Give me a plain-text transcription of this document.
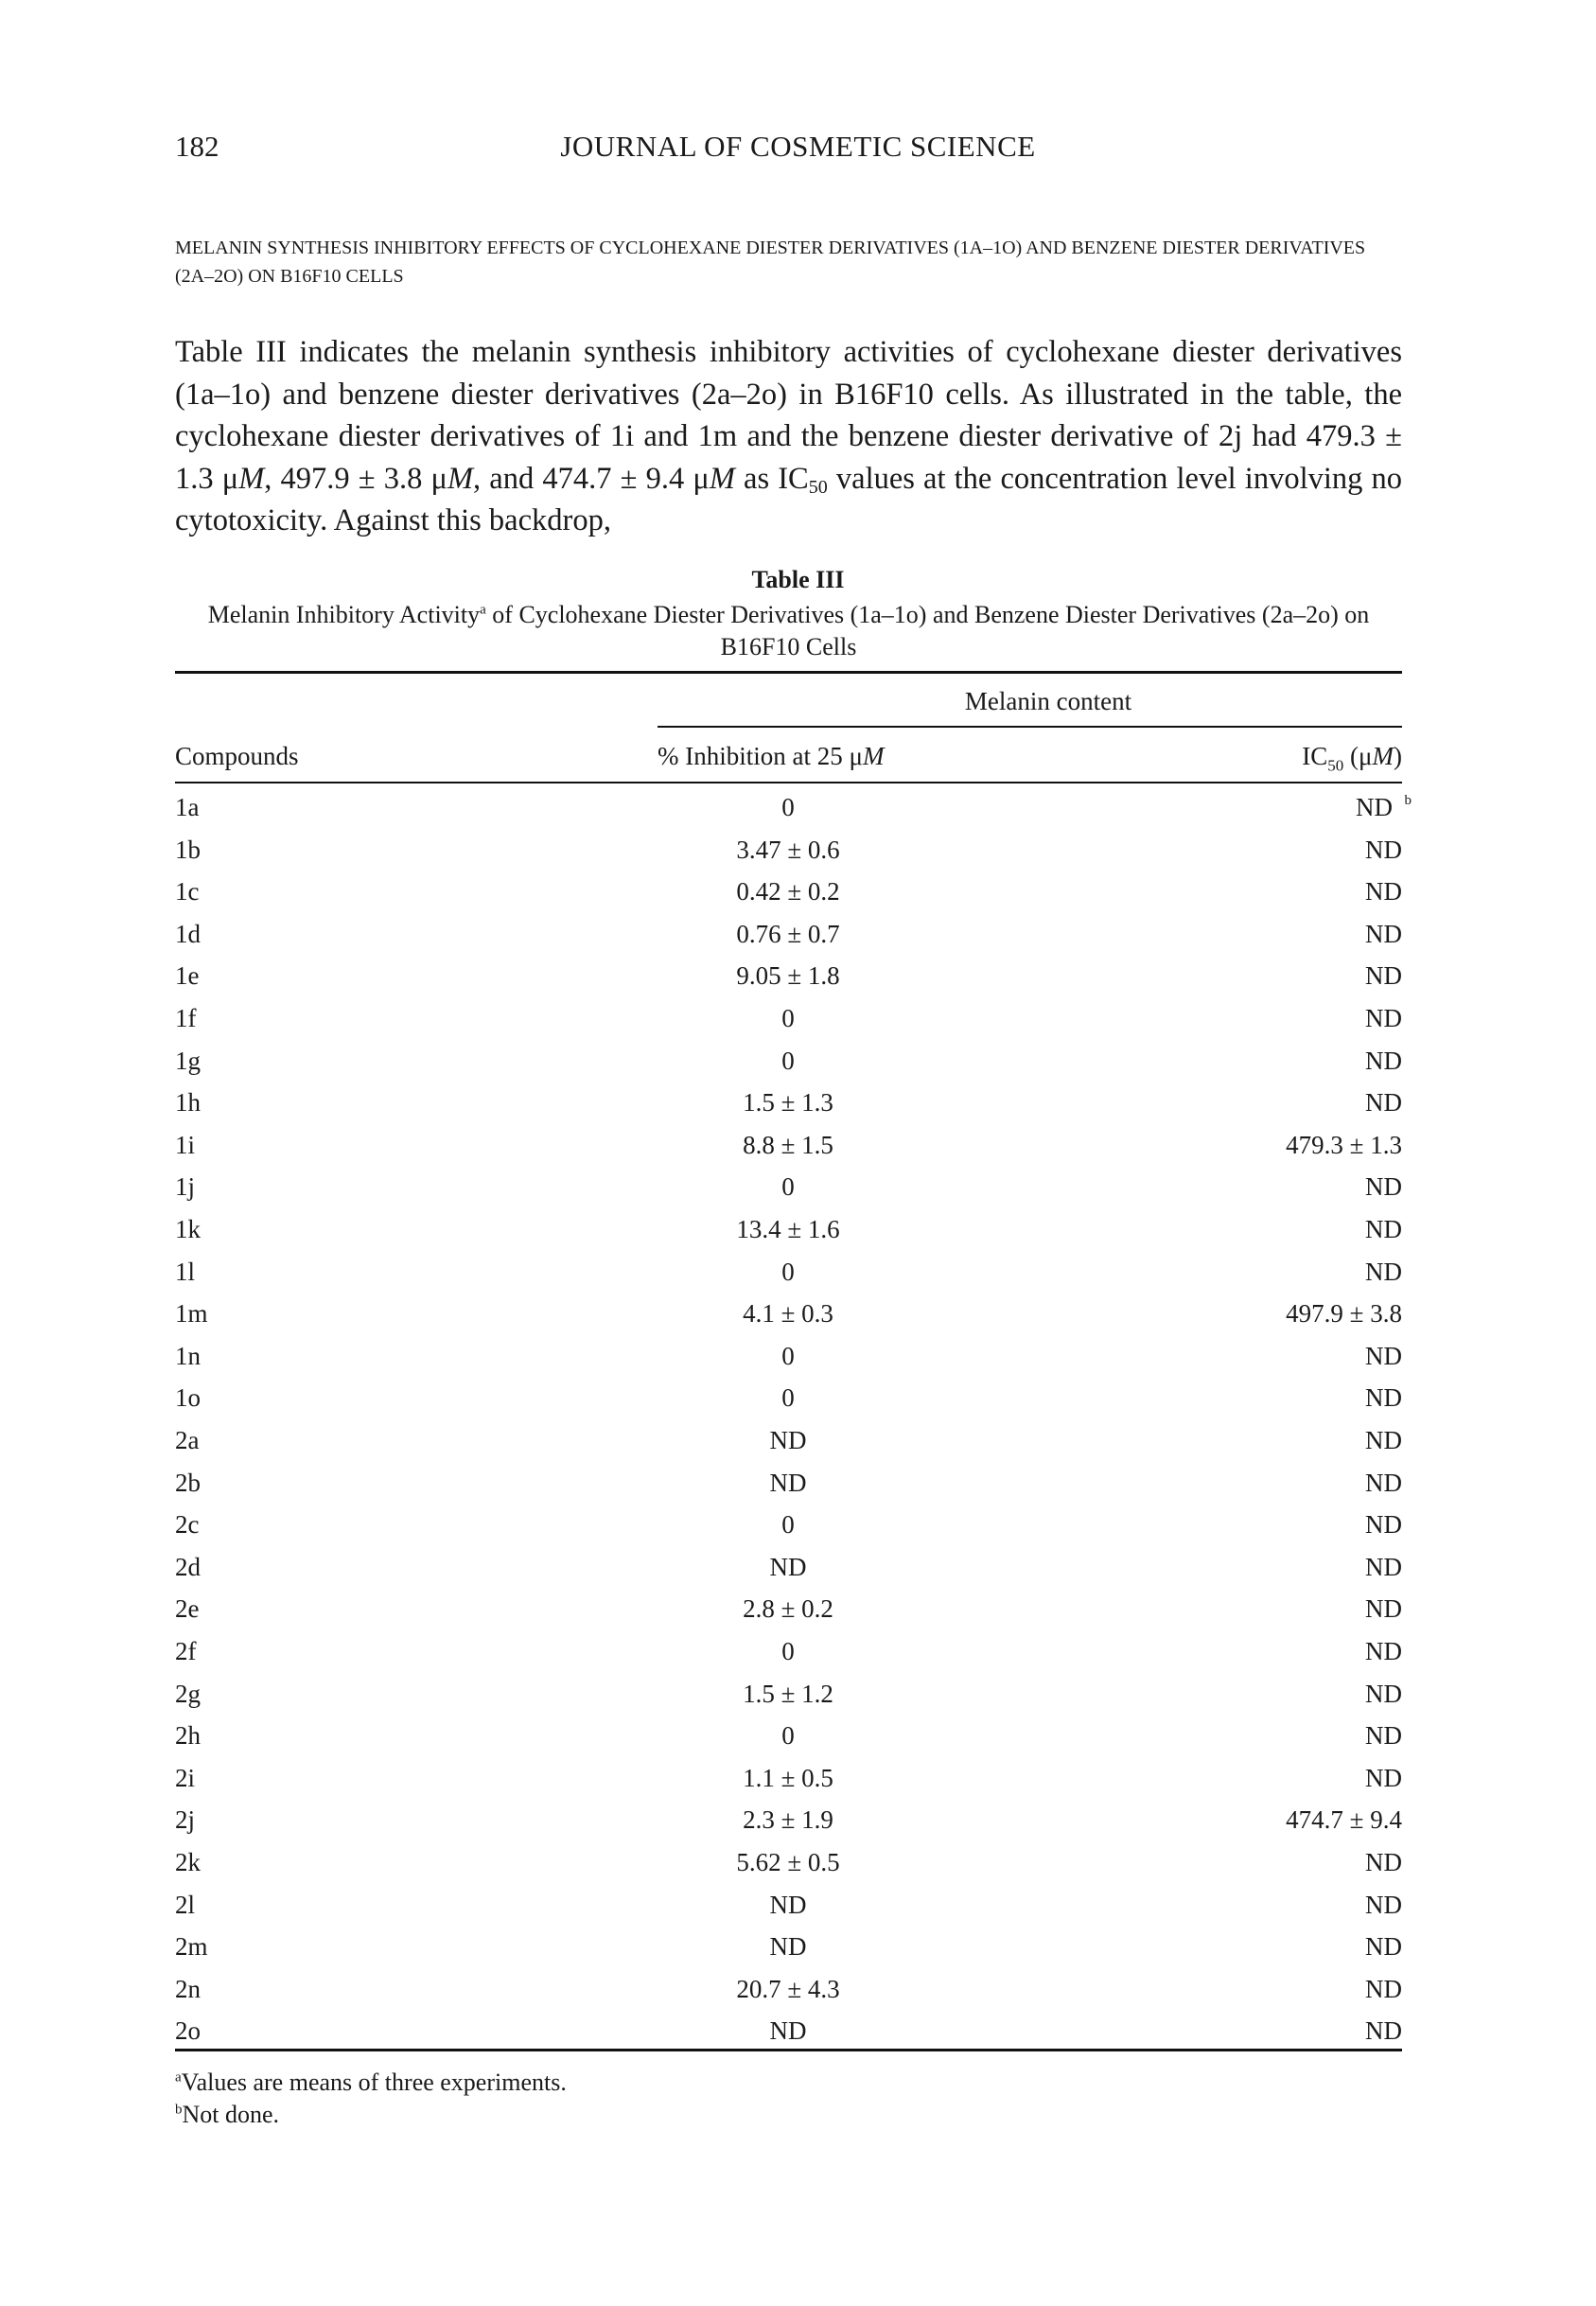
182	JOURNAL OF COSMETIC SCIENCE
MELANIN SYNTHESIS INHIBITORY EFFECTS OF CYCLOHEXANE DIESTER DERIVATIVES (1A–1O) AND BENZENE DIESTER DERIVATIVES (2A–2O) ON B16F10 CELLS
Table III indicates the melanin synthesis inhibitory activities of cyclohexane diester derivatives (1a–1o) and benzene diester derivatives (2a–2o) in B16F10 cells. As illustrated in the table, the cyclohexane diester derivatives of 1i and 1m and the benzene diester derivative of 2j had 479.3 ± 1.3 μM, 497.9 ± 3.8 μM, and 474.7 ± 9.4 μM as $IC_{50}$ values at the concentration level involving no cytotoxicity. Against this backdrop,
Table III
Melanin Inhibitory Activity$^a$ of Cyclohexane Diester Derivatives (1a–1o) and Benzene Diester Derivatives (2a–2o) on B16F10 Cells
Melanin content
Compounds	% Inhibition at 25 μM	$IC_{50}$ (μM)
1a	0	ND b
1b	3.47 ± 0.6	ND
1c	0.42 ± 0.2	ND
1d	0.76 ± 0.7	ND
1e	9.05 ± 1.8	ND
1f	0	ND
1g	0	ND
1h	1.5 ± 1.3	ND
1i	8.8 ± 1.5	479.3 ± 1.3
1j	0	ND
1k	13.4 ± 1.6	ND
1l	0	ND
1m	4.1 ± 0.3	497.9 ± 3.8
1n	0	ND
1o	0	ND
2a	ND	ND
2b	ND	ND
2c	0	ND
2d	ND	ND
2e	2.8 ± 0.2	ND
2f	0	ND
2g	1.5 ± 1.2	ND
2h	0	ND
2i	1.1 ± 0.5	ND
2j	2.3 ± 1.9	474.7 ± 9.4
2k	5.62 ± 0.5	ND
2l	ND	ND
2m	ND	ND
2n	20.7 ± 4.3	ND
2o	ND	ND
$^a$Values are means of three experiments.
$^b$Not done.
